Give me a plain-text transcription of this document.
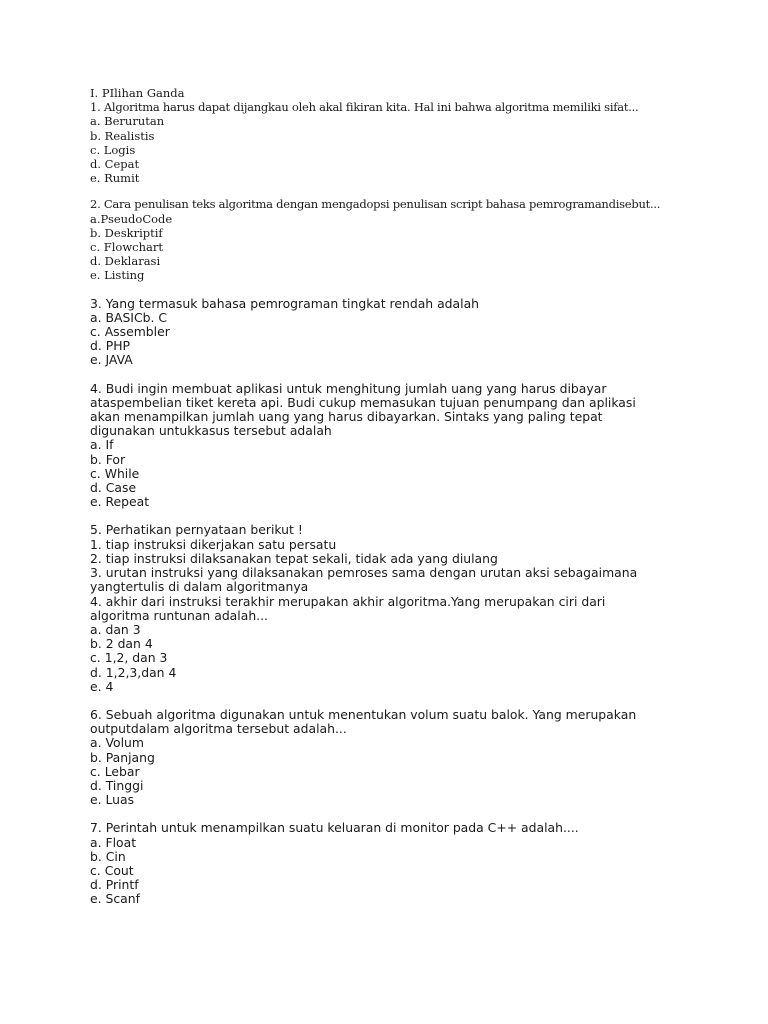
I. PIlihan Ganda
1. Algoritma harus dapat dijangkau oleh akal fikiran kita. Hal ini bahwa algoritma memiliki sifat...
a. Berurutan
b. Realistis
c. Logis
d. Cepat
e. Rumit
2. Cara penulisan teks algoritma dengan mengadopsi penulisan script bahasa pemrogramandisebut...
a.PseudoCode
b. Deskriptif
c. Flowchart
d. Deklarasi
e. Listing
3. Yang termasuk bahasa pemrograman tingkat rendah adalah
a. BASICb. C
c. Assembler
d. PHP
e. JAVA
4. Budi ingin membuat aplikasi untuk menghitung jumlah uang yang harus dibayar
ataspembelian tiket kereta api. Budi cukup memasukan tujuan penumpang dan aplikasi
akan menampilkan jumlah uang yang harus dibayarkan. Sintaks yang paling tepat
digunakan untukkasus tersebut adalah
a. If
b. For
c. While
d. Case
e. Repeat
5. Perhatikan pernyataan berikut !
1. tiap instruksi dikerjakan satu persatu
2. tiap instruksi dilaksanakan tepat sekali, tidak ada yang diulang
3. urutan instruksi yang dilaksanakan pemroses sama dengan urutan aksi sebagaimana
yangtertulis di dalam algoritmanya
4. akhir dari instruksi terakhir merupakan akhir algoritma.Yang merupakan ciri dari
algoritma runtunan adalah...
a. dan 3
b. 2 dan 4
c. 1,2, dan 3
d. 1,2,3,dan 4
e. 4
6. Sebuah algoritma digunakan untuk menentukan volum suatu balok. Yang merupakan
outputdalam algoritma tersebut adalah...
a. Volum
b. Panjang
c. Lebar
d. Tinggi
e. Luas
7. Perintah untuk menampilkan suatu keluaran di monitor pada C++ adalah....
a. Float
b. Cin
c. Cout
d. Printf
e. Scanf
